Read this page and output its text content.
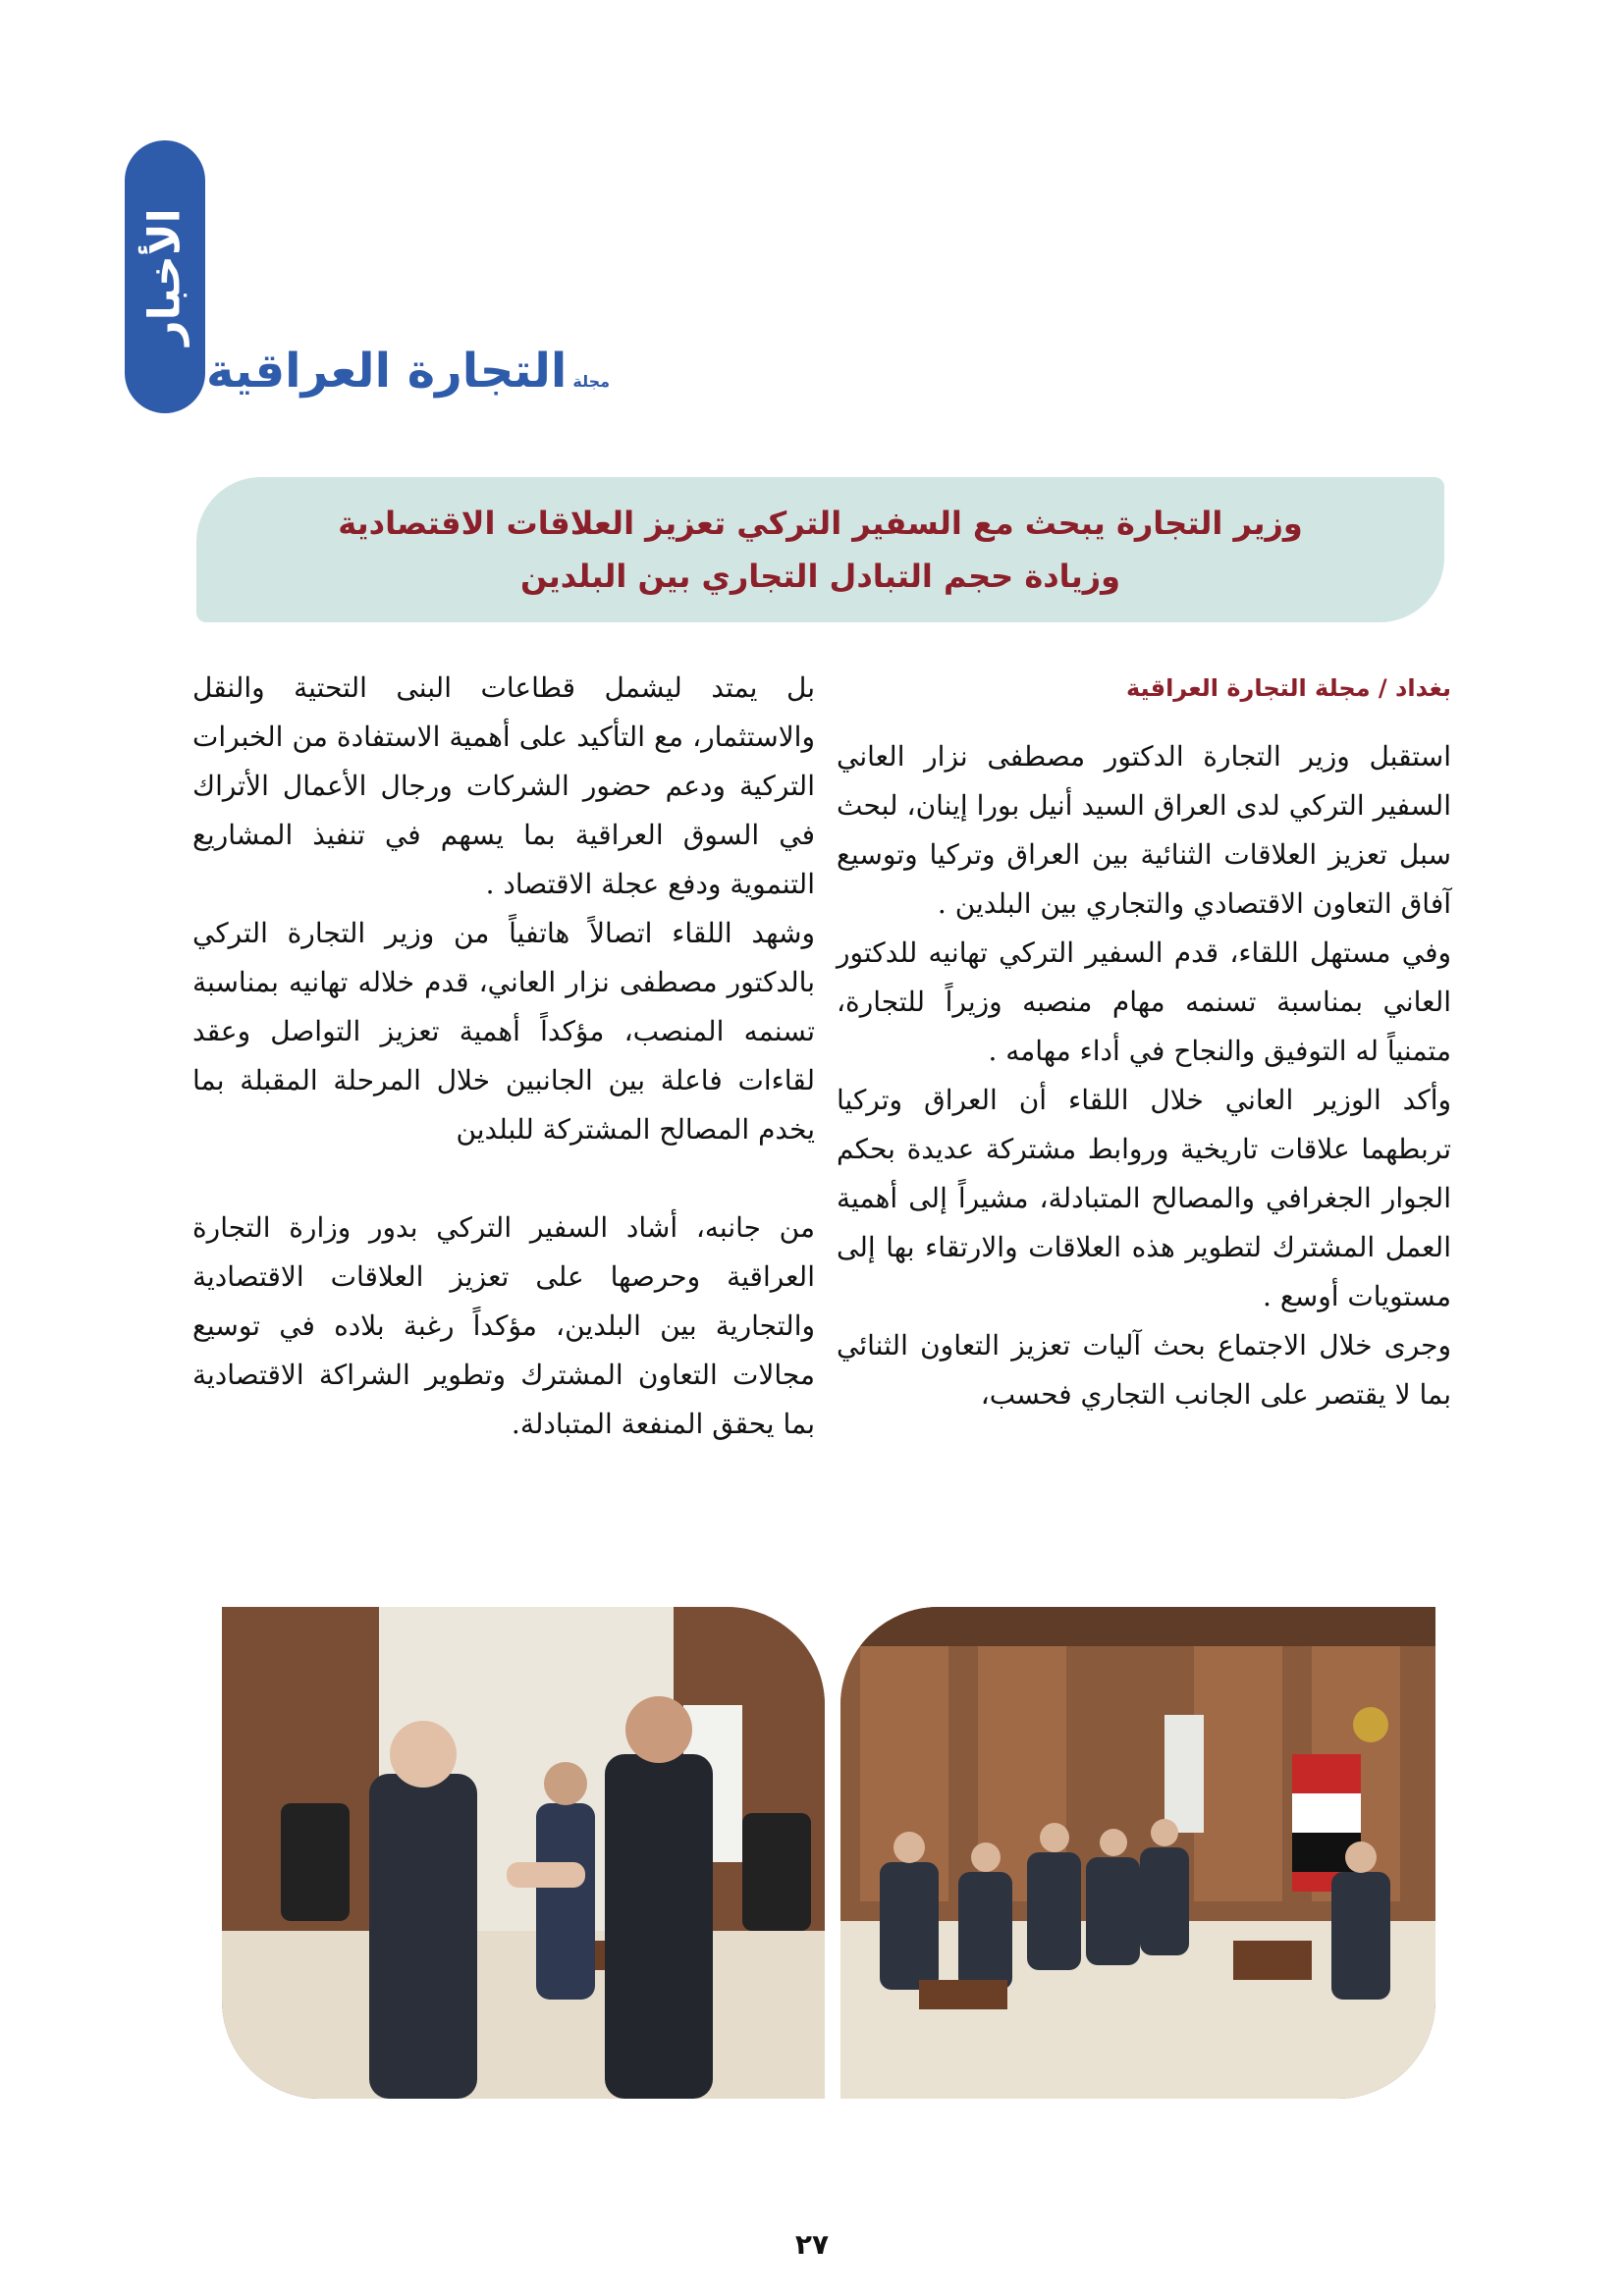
الأخبار
مجلة
التجارة العراقية
وزير التجارة يبحث مع السفير التركي تعزيز العلاقات الاقتصادية
وزيادة حجم التبادل التجاري بين البلدين
بغداد / مجلة التجارة العراقية

استقبل وزير التجارة الدكتور مصطفى نزار العاني السفير التركي لدى العراق السيد أنيل بورا إينان، لبحث سبل تعزيز العلاقات الثنائية بين العراق وتركيا وتوسيع آفاق التعاون الاقتصادي والتجاري بين البلدين .

وفي مستهل اللقاء، قدم السفير التركي تهانيه للدكتور العاني بمناسبة تسنمه مهام منصبه وزيراً للتجارة، متمنياً له التوفيق والنجاح في أداء مهامه .

وأكد الوزير العاني خلال اللقاء أن العراق وتركيا تربطهما علاقات تاريخية وروابط مشتركة عديدة بحكم الجوار الجغرافي والمصالح المتبادلة، مشيراً إلى أهمية العمل المشترك لتطوير هذه العلاقات والارتقاء بها إلى مستويات أوسع .

وجرى خلال الاجتماع بحث آليات تعزيز التعاون الثنائي بما لا يقتصر على الجانب التجاري فحسب،

بل يمتد ليشمل قطاعات البنى التحتية والنقل والاستثمار، مع التأكيد على أهمية الاستفادة من الخبرات التركية ودعم حضور الشركات ورجال الأعمال الأتراك في السوق العراقية بما يسهم في تنفيذ المشاريع التنموية ودفع عجلة الاقتصاد .

وشهد اللقاء اتصالاً هاتفياً من وزير التجارة التركي بالدكتور مصطفى نزار العاني، قدم خلاله تهانيه بمناسبة تسنمه المنصب، مؤكداً أهمية تعزيز التواصل وعقد لقاءات فاعلة بين الجانبين خلال المرحلة المقبلة بما يخدم المصالح المشتركة للبلدين

من جانبه، أشاد السفير التركي بدور وزارة التجارة العراقية وحرصها على تعزيز العلاقات الاقتصادية والتجارية بين البلدين، مؤكداً رغبة بلاده في توسيع مجالات التعاون المشترك وتطوير الشراكة الاقتصادية بما يحقق المنفعة المتبادلة.

٢٧
